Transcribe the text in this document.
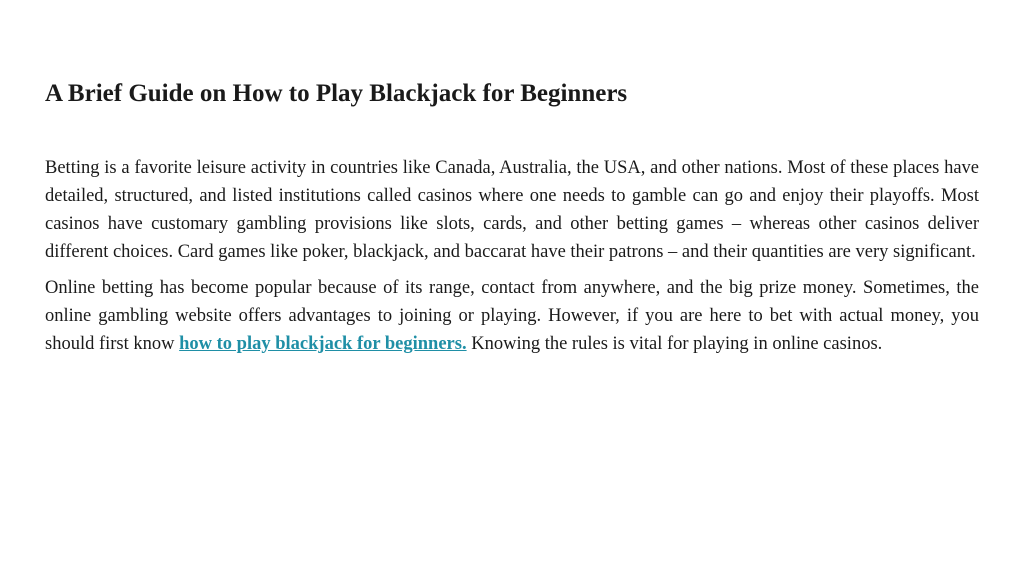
A Brief Guide on How to Play Blackjack for Beginners

Betting is a favorite leisure activity in countries like Canada, Australia, the USA, and other nations. Most of these places have detailed, structured, and listed institutions called casinos where one needs to gamble can go and enjoy their playoffs. Most casinos have customary gambling provisions like slots, cards, and other betting games – whereas other casinos deliver different choices. Card games like poker, blackjack, and baccarat have their patrons – and their quantities are very significant.

Online betting has become popular because of its range, contact from anywhere, and the big prize money. Sometimes, the online gambling website offers advantages to joining or playing. However, if you are here to bet with actual money, you should first know how to play blackjack for beginners. Knowing the rules is vital for playing in online casinos.
